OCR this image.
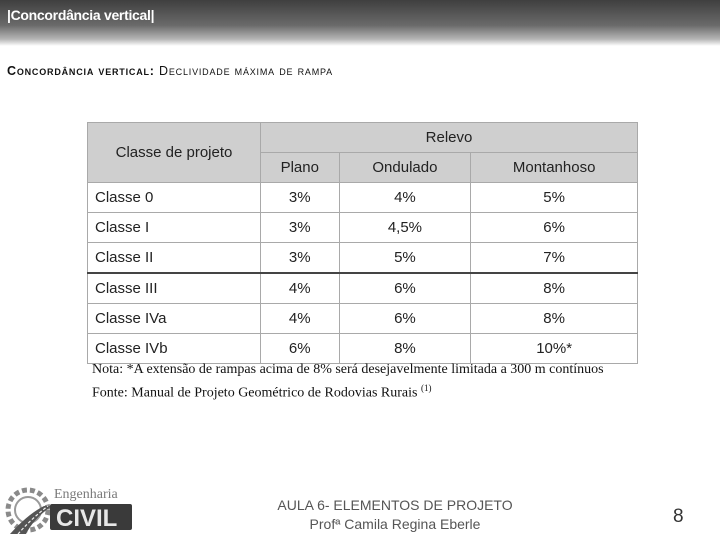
|Concordância vertical|
Concordância vertical: Declividade máxima de rampa
Classe de projeto	Relevo		
	Plano	Ondulado	Montanhoso
Classe 0	3%	4%	5%
Classe I	3%	4,5%	6%
Classe II	3%	5%	7%
Classe III	4%	6%	8%
Classe IVa	4%	6%	8%
Classe IVb	6%	8%	10%*
Nota: *A extensão de rampas acima de 8% será desejavelmente limitada a 300 m contínuos
Fonte: Manual de Projeto Geométrico de Rodovias Rurais $^{(1)}$
Engenharia
CIVIL	AULA 6- ELEMENTOS DE PROJETO
Profª Camila Regina Eberle	8
